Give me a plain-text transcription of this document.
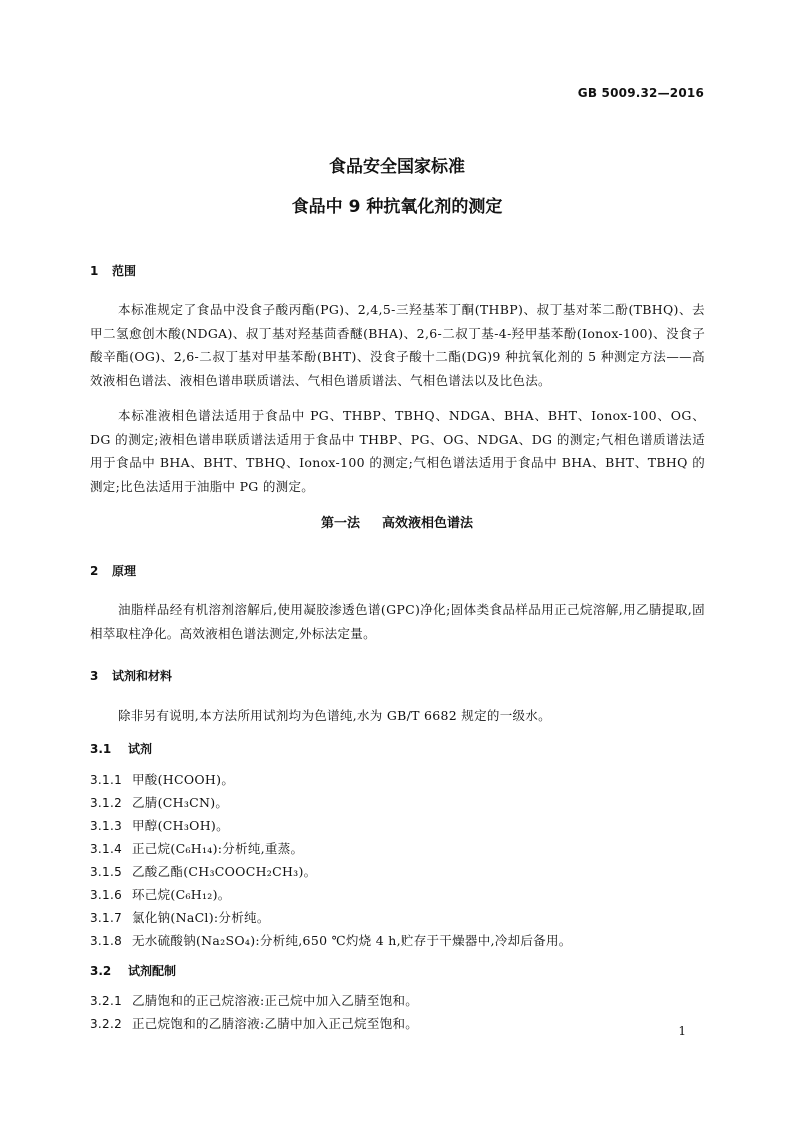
GB 5009.32—2016
食品安全国家标准
食品中 9 种抗氧化剂的测定
1 范围
本标准规定了食品中没食子酸丙酯(PG)、2,4,5-三羟基苯丁酮(THBP)、叔丁基对苯二酚(TBHQ)、去甲二氢愈创木酸(NDGA)、叔丁基对羟基茴香醚(BHA)、2,6-二叔丁基-4-羟甲基苯酚(Ionox-100)、没食子酸辛酯(OG)、2,6-二叔丁基对甲基苯酚(BHT)、没食子酸十二酯(DG)9 种抗氧化剂的 5 种测定方法——高效液相色谱法、液相色谱串联质谱法、气相色谱质谱法、气相色谱法以及比色法。
本标准液相色谱法适用于食品中 PG、THBP、TBHQ、NDGA、BHA、BHT、Ionox-100、OG、DG 的测定;液相色谱串联质谱法适用于食品中 THBP、PG、OG、NDGA、DG 的测定;气相色谱质谱法适用于食品中 BHA、BHT、TBHQ、Ionox-100 的测定;气相色谱法适用于食品中 BHA、BHT、TBHQ 的测定;比色法适用于油脂中 PG 的测定。
第一法 高效液相色谱法
2 原理
油脂样品经有机溶剂溶解后,使用凝胶渗透色谱(GPC)净化;固体类食品样品用正己烷溶解,用乙腈提取,固相萃取柱净化。高效液相色谱法测定,外标法定量。
3 试剂和材料
除非另有说明,本方法所用试剂均为色谱纯,水为 GB/T 6682 规定的一级水。
3.1 试剂
3.1.1 甲酸(HCOOH)。
3.1.2 乙腈(CH₃CN)。
3.1.3 甲醇(CH₃OH)。
3.1.4 正己烷(C₆H₁₄):分析纯,重蒸。
3.1.5 乙酸乙酯(CH₃COOCH₂CH₃)。
3.1.6 环己烷(C₆H₁₂)。
3.1.7 氯化钠(NaCl):分析纯。
3.1.8 无水硫酸钠(Na₂SO₄):分析纯,650 ℃灼烧 4 h,贮存于干燥器中,冷却后备用。
3.2 试剂配制
3.2.1 乙腈饱和的正己烷溶液:正己烷中加入乙腈至饱和。
3.2.2 正己烷饱和的乙腈溶液:乙腈中加入正己烷至饱和。	1
